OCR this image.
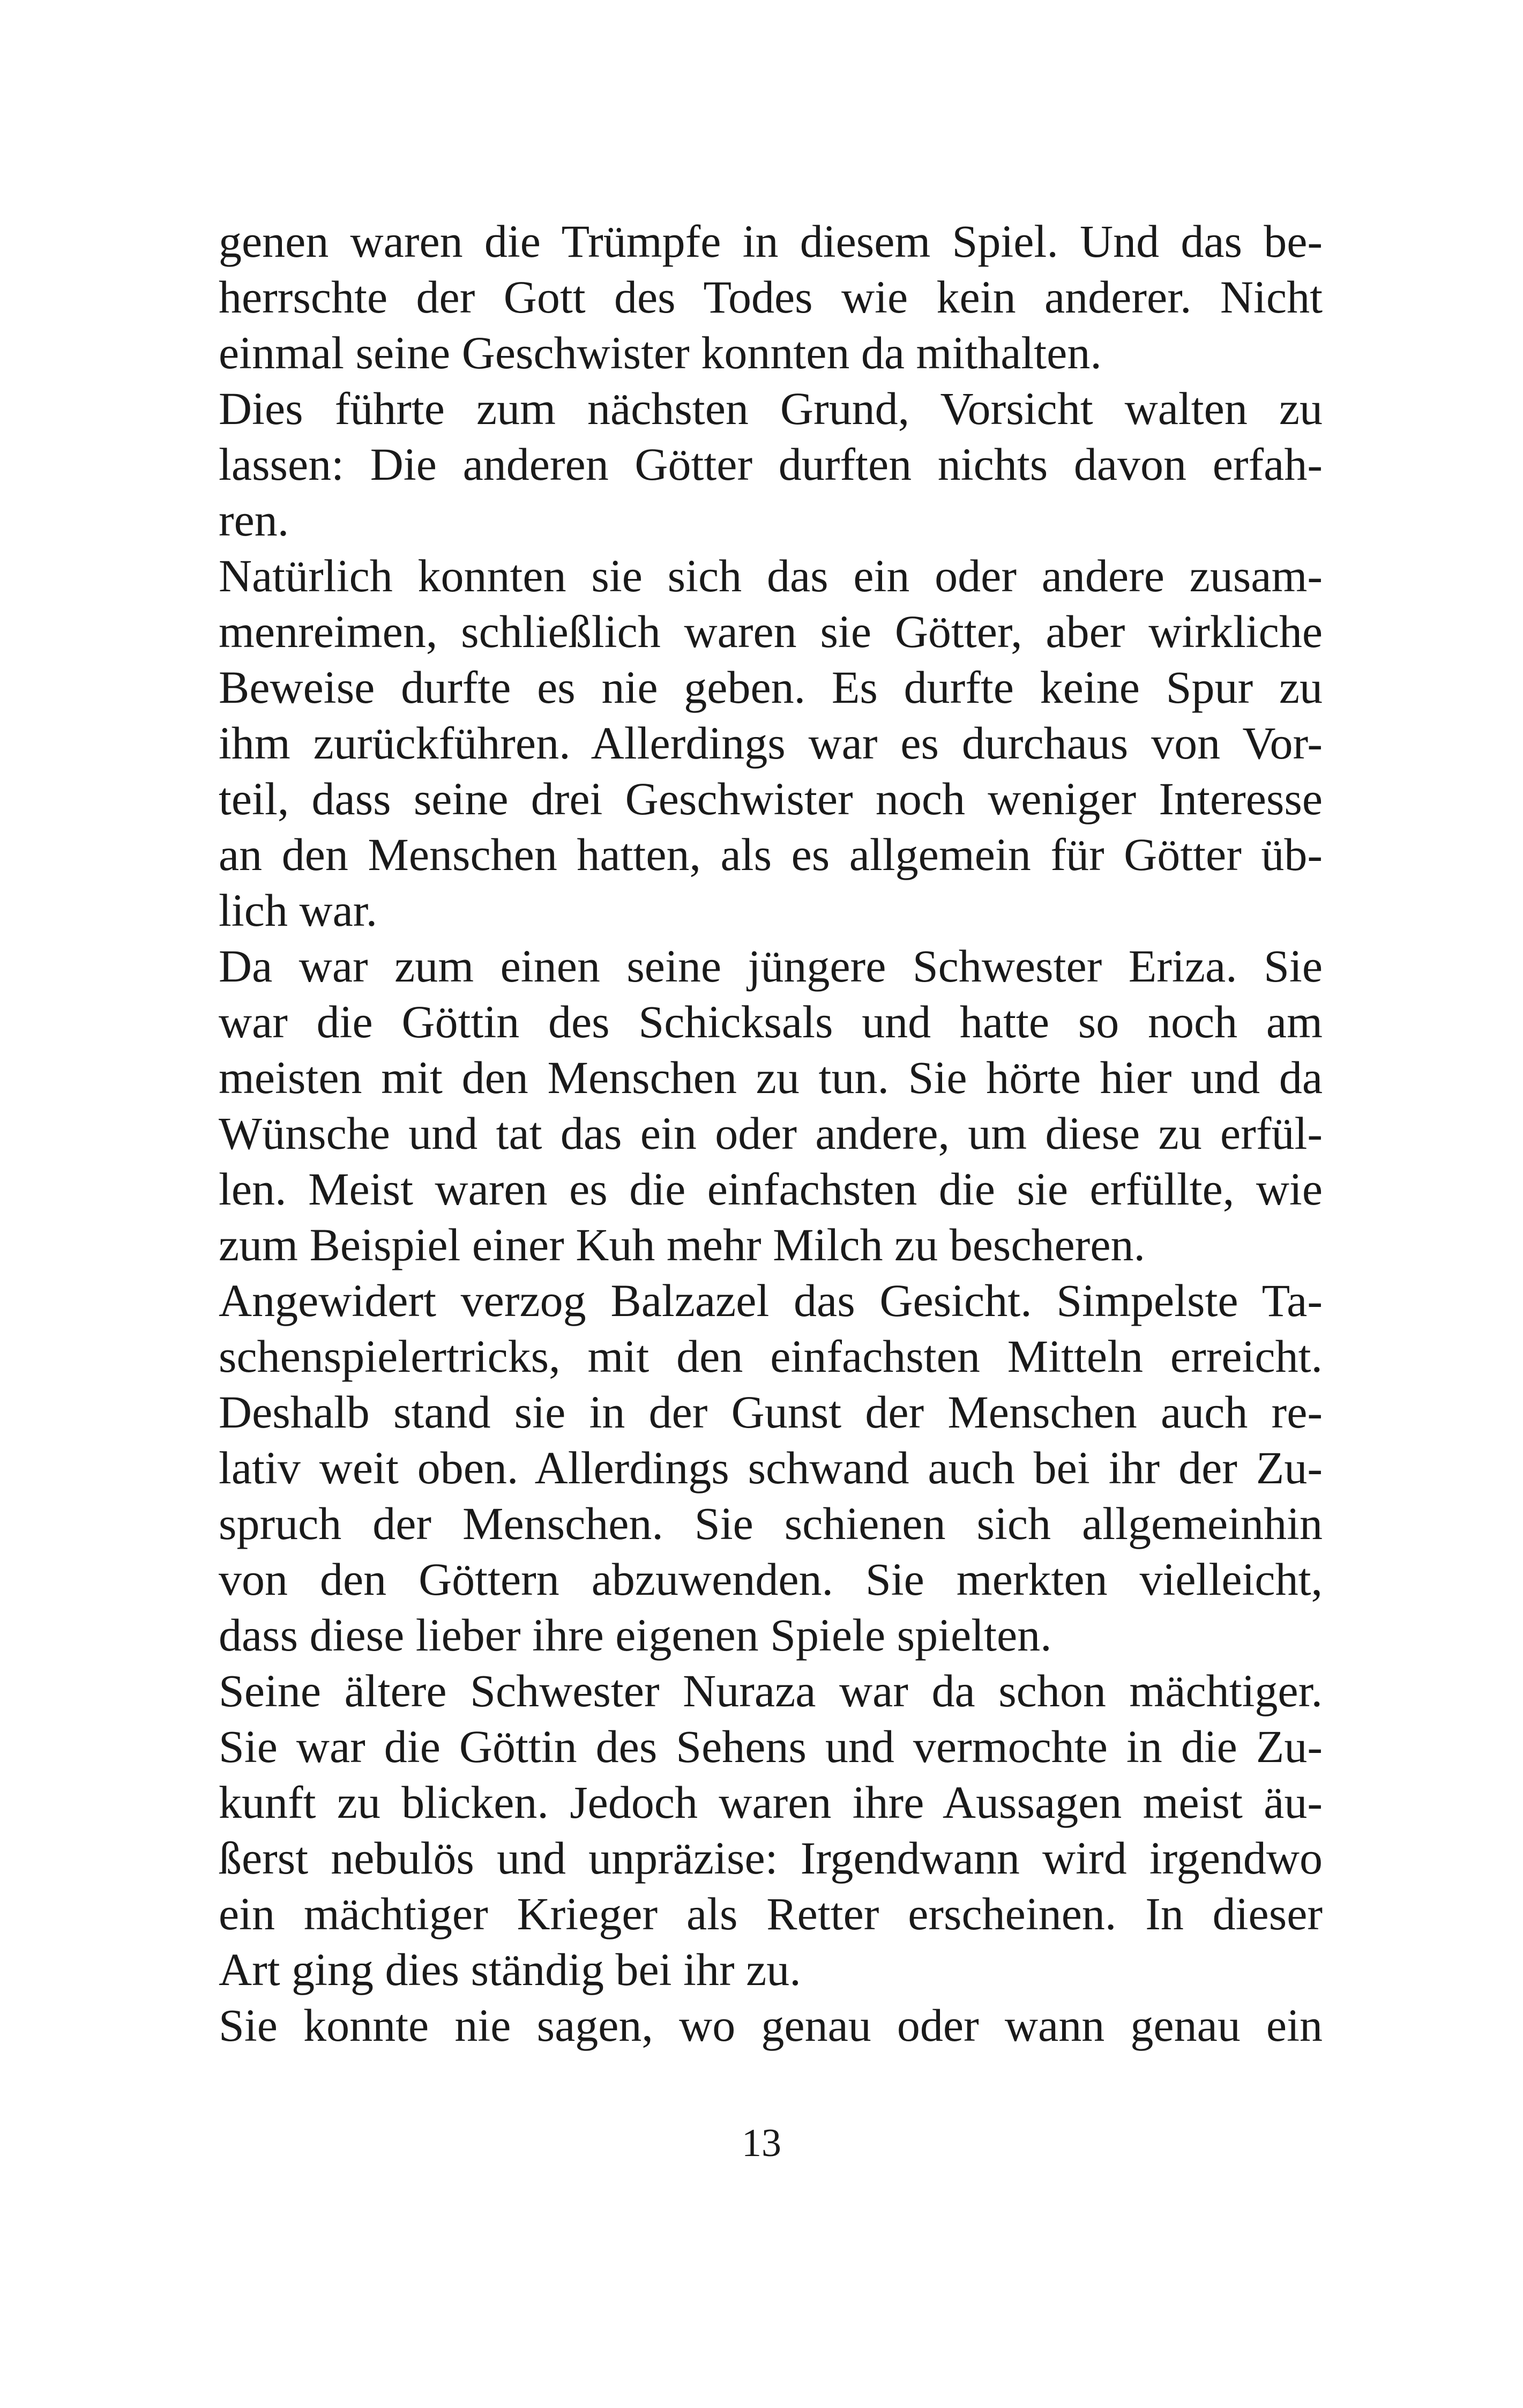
genen waren die Trümpfe in diesem Spiel. Und das be-
herrschte der Gott des Todes wie kein anderer. Nicht
einmal seine Geschwister konnten da mithalten.
Dies führte zum nächsten Grund, Vorsicht walten zu
lassen: Die anderen Götter durften nichts davon erfah-
ren.
Natürlich konnten sie sich das ein oder andere zusam-
menreimen, schließlich waren sie Götter, aber wirkliche
Beweise durfte es nie geben. Es durfte keine Spur zu
ihm zurückführen. Allerdings war es durchaus von Vor-
teil, dass seine drei Geschwister noch weniger Interesse
an den Menschen hatten, als es allgemein für Götter üb-
lich war.
Da war zum einen seine jüngere Schwester Eriza. Sie
war die Göttin des Schicksals und hatte so noch am
meisten mit den Menschen zu tun. Sie hörte hier und da
Wünsche und tat das ein oder andere, um diese zu erfül-
len. Meist waren es die einfachsten die sie erfüllte, wie
zum Beispiel einer Kuh mehr Milch zu bescheren.
Angewidert verzog Balzazel das Gesicht. Simpelste Ta-
schenspielertricks, mit den einfachsten Mitteln erreicht.
Deshalb stand sie in der Gunst der Menschen auch re-
lativ weit oben. Allerdings schwand auch bei ihr der Zu-
spruch der Menschen. Sie schienen sich allgemeinhin
von den Göttern abzuwenden. Sie merkten vielleicht,
dass diese lieber ihre eigenen Spiele spielten.
Seine ältere Schwester Nuraza war da schon mächtiger.
Sie war die Göttin des Sehens und vermochte in die Zu-
kunft zu blicken. Jedoch waren ihre Aussagen meist äu-
ßerst nebulös und unpräzise: Irgendwann wird irgendwo
ein mächtiger Krieger als Retter erscheinen. In dieser
Art ging dies ständig bei ihr zu.
Sie konnte nie sagen, wo genau oder wann genau ein
13
